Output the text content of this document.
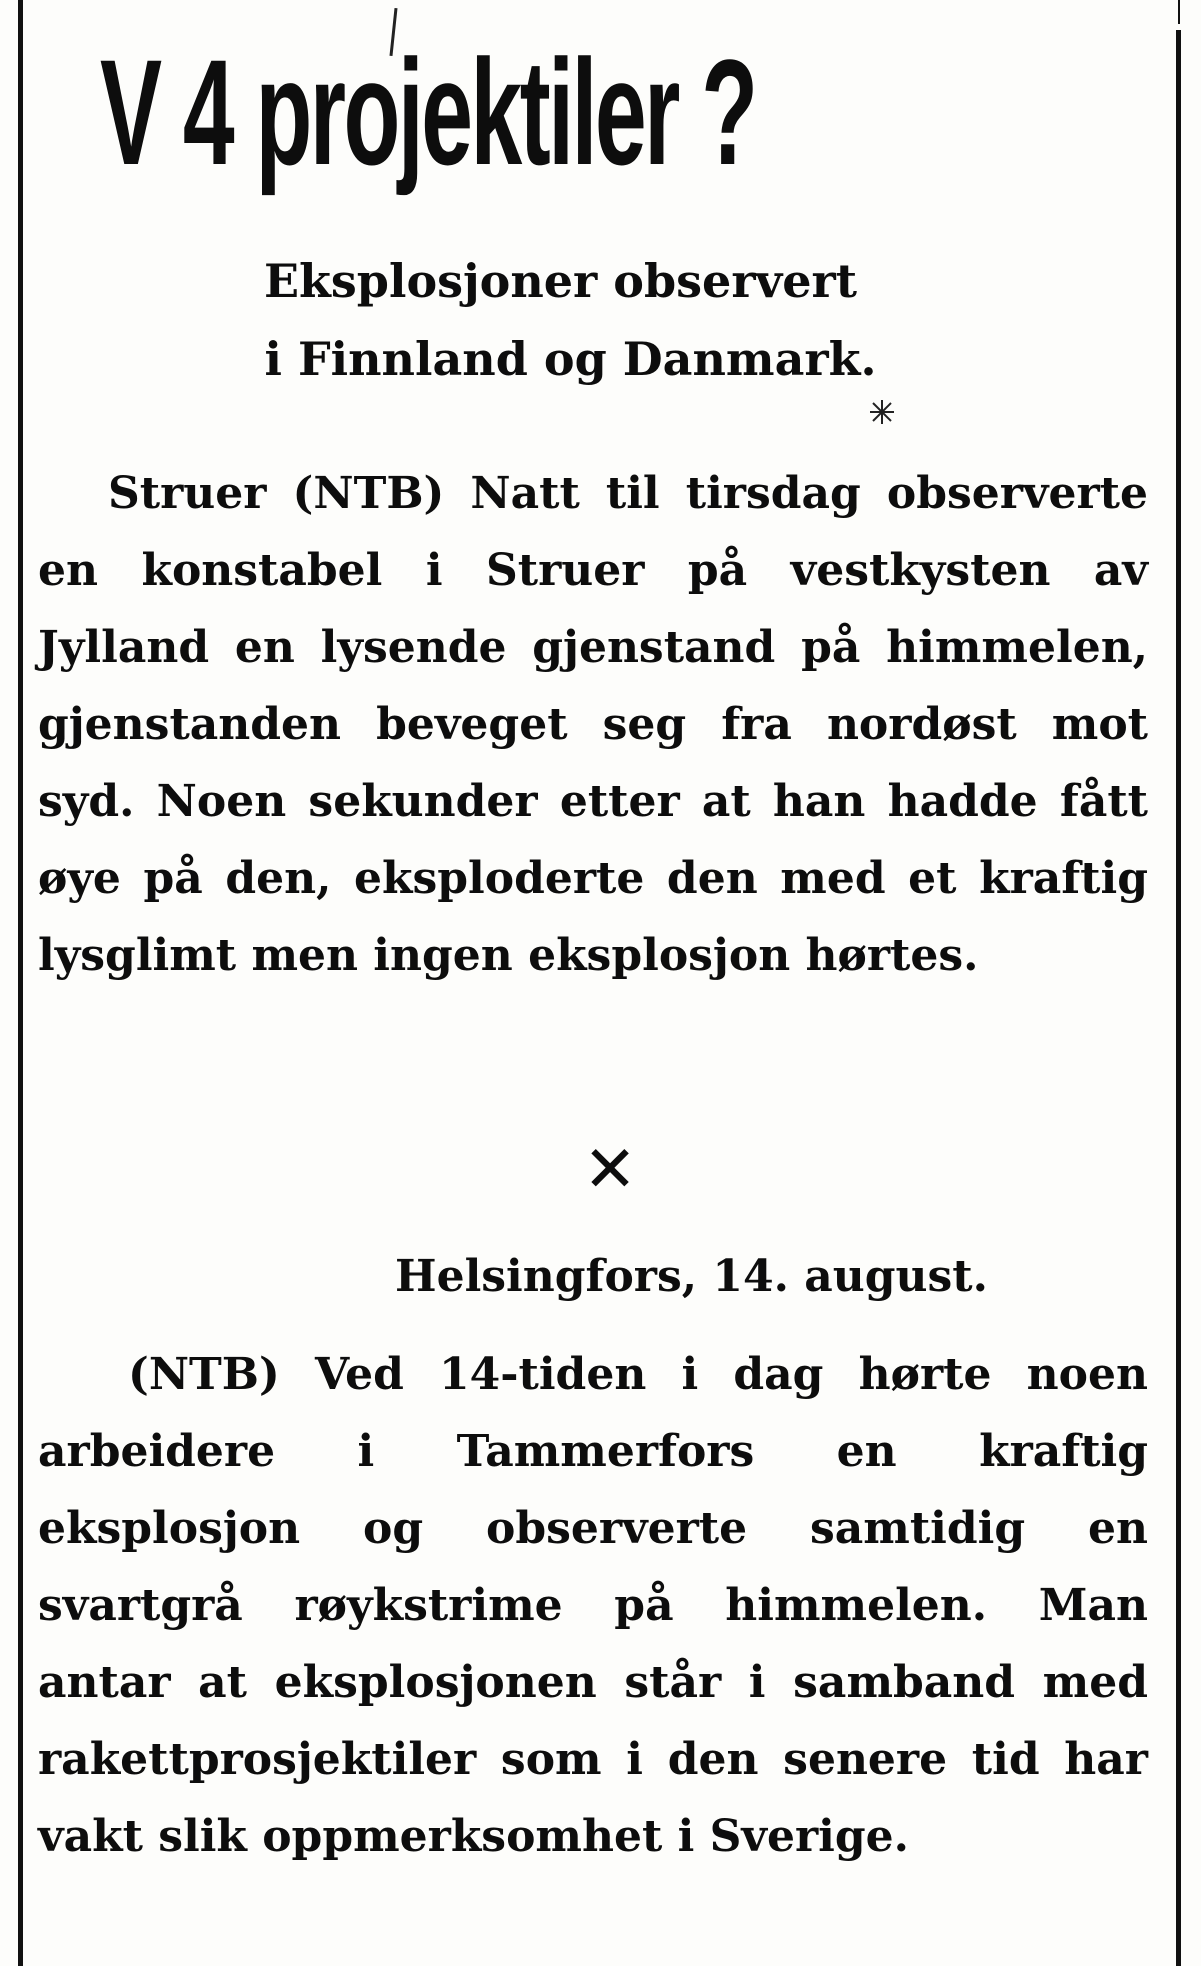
V 4 projektiler ?

Eksplosjoner observert

i Finnland og Danmark.

Struer (NTB) Natt til tirsdag observerte en konstabel i Struer på vestkysten av Jylland en lysende gjenstand på himmelen, gjenstanden beveget seg fra nordøst mot syd. Noen sekunder etter at han hadde fått øye på den, eksploderte den med et kraftig lysglimt men ingen eksplosjon hørtes.

✕

Helsingfors, 14. august.

(NTB) Ved 14-tiden i dag hørte noen arbeidere i Tammerfors en kraftig eksplosjon og observerte samtidig en svartgrå røykstrime på himmelen. Man antar at eksplosjonen står i samband med rakettprosjektiler som i den senere tid har vakt slik oppmerksomhet i Sverige.
